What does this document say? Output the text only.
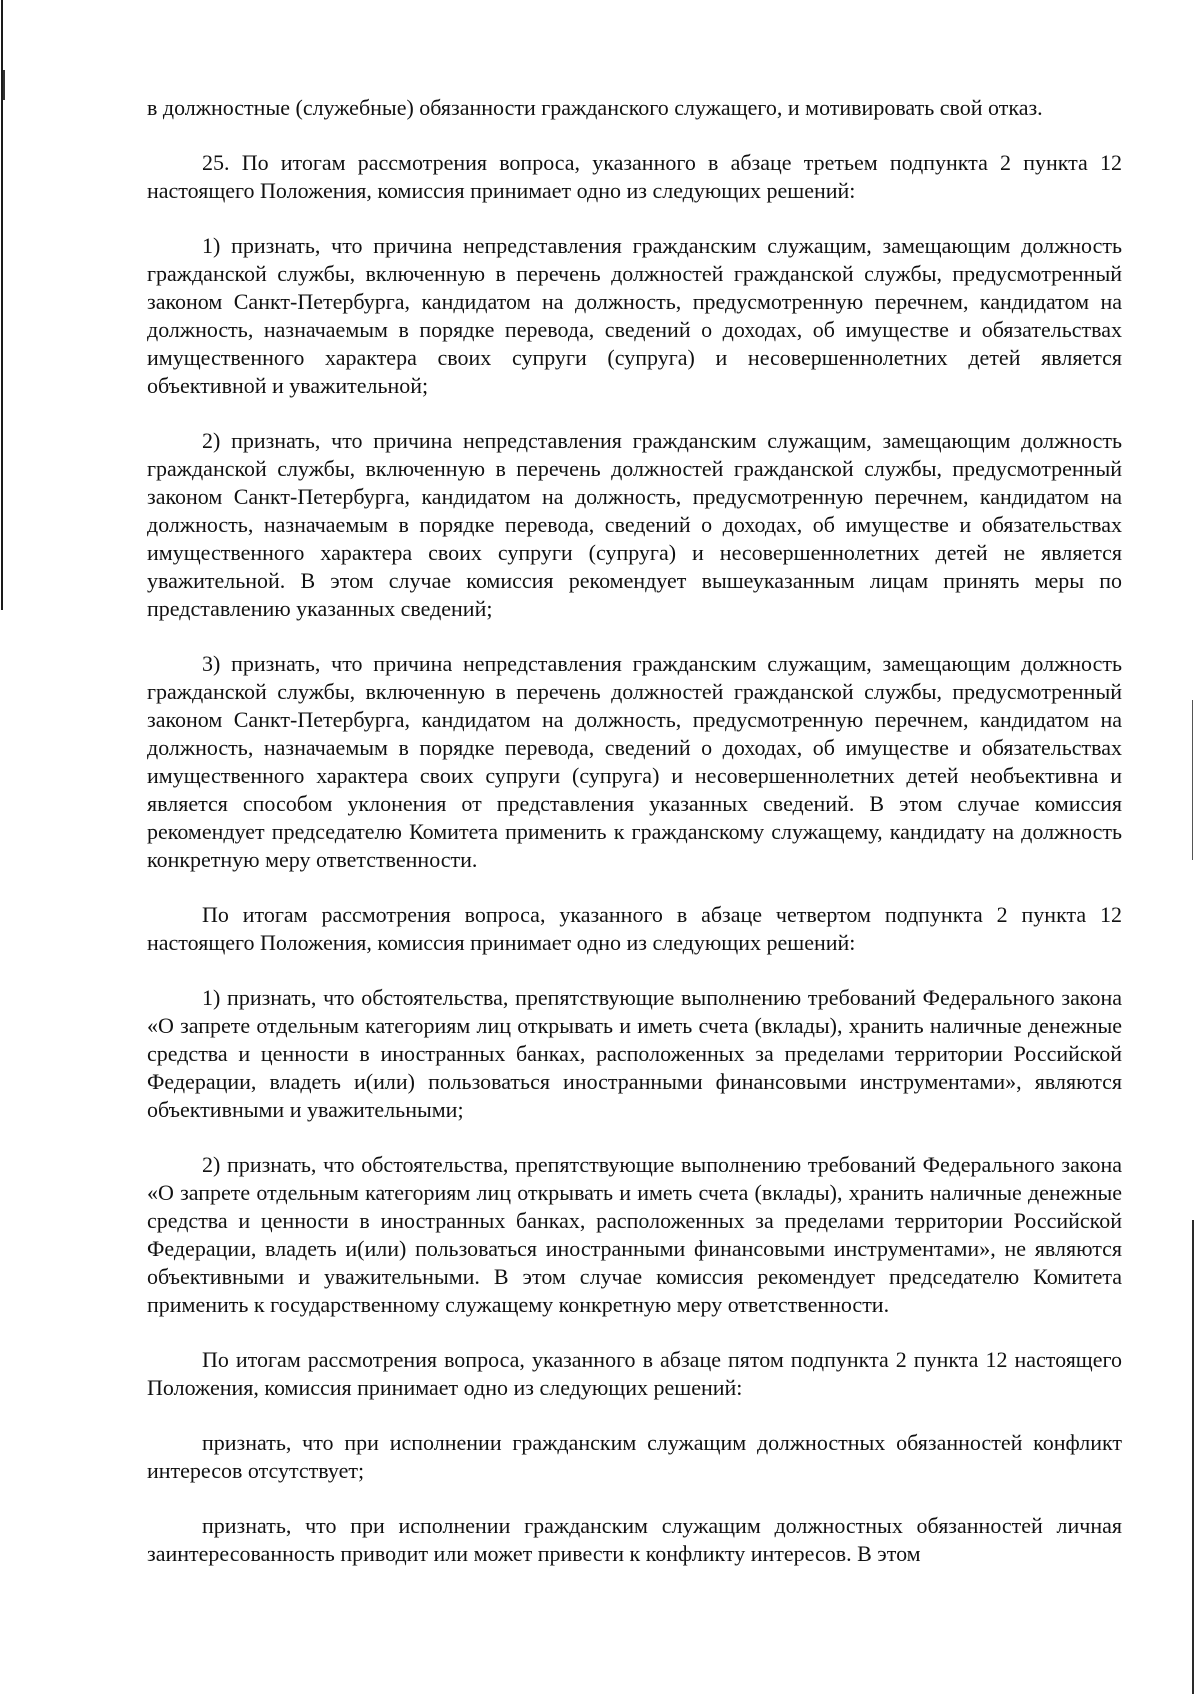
в должностные (служебные) обязанности гражданского служащего, и мотивировать свой отказ.

25. По итогам рассмотрения вопроса, указанного в абзаце третьем подпункта 2 пункта 12 настоящего Положения, комиссия принимает одно из следующих решений:

1) признать, что причина непредставления гражданским служащим, замещающим должность гражданской службы, включенную в перечень должностей гражданской службы, предусмотренный законом Санкт-Петербурга, кандидатом на должность, предусмотренную перечнем, кандидатом на должность, назначаемым в порядке перевода, сведений о доходах, об имуществе и обязательствах имущественного характера своих супруги (супруга) и несовершеннолетних детей является объективной и уважительной;

2) признать, что причина непредставления гражданским служащим, замещающим должность гражданской службы, включенную в перечень должностей гражданской службы, предусмотренный законом Санкт-Петербурга, кандидатом на должность, предусмотренную перечнем, кандидатом на должность, назначаемым в порядке перевода, сведений о доходах, об имуществе и обязательствах имущественного характера своих супруги (супруга) и несовершеннолетних детей не является уважительной. В этом случае комиссия рекомендует вышеуказанным лицам принять меры по представлению указанных сведений;

3) признать, что причина непредставления гражданским служащим, замещающим должность гражданской службы, включенную в перечень должностей гражданской службы, предусмотренный законом Санкт-Петербурга, кандидатом на должность, предусмотренную перечнем, кандидатом на должность, назначаемым в порядке перевода, сведений о доходах, об имуществе и обязательствах имущественного характера своих супруги (супруга) и несовершеннолетних детей необъективна и является способом уклонения от представления указанных сведений. В этом случае комиссия рекомендует председателю Комитета применить к гражданскому служащему, кандидату на должность конкретную меру ответственности.

По итогам рассмотрения вопроса, указанного в абзаце четвертом подпункта 2 пункта 12 настоящего Положения, комиссия принимает одно из следующих решений:

1) признать, что обстоятельства, препятствующие выполнению требований Федерального закона «О запрете отдельным категориям лиц открывать и иметь счета (вклады), хранить наличные денежные средства и ценности в иностранных банках, расположенных за пределами территории Российской Федерации, владеть и(или) пользоваться иностранными финансовыми инструментами», являются объективными и уважительными;

2) признать, что обстоятельства, препятствующие выполнению требований Федерального закона «О запрете отдельным категориям лиц открывать и иметь счета (вклады), хранить наличные денежные средства и ценности в иностранных банках, расположенных за пределами территории Российской Федерации, владеть и(или) пользоваться иностранными финансовыми инструментами», не являются объективными и уважительными. В этом случае комиссия рекомендует председателю Комитета применить к государственному служащему конкретную меру ответственности.

По итогам рассмотрения вопроса, указанного в абзаце пятом подпункта 2 пункта 12 настоящего Положения, комиссия принимает одно из следующих решений:

признать, что при исполнении гражданским служащим должностных обязанностей конфликт интересов отсутствует;

признать, что при исполнении гражданским служащим должностных обязанностей личная заинтересованность приводит или может привести к конфликту интересов. В этом
